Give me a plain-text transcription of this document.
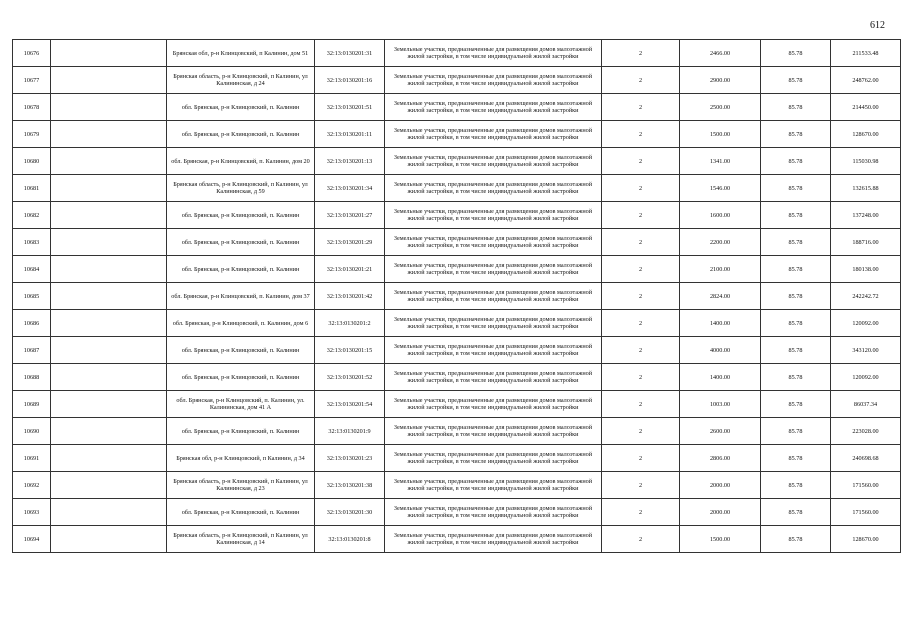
612
10676		Брянская обл, р-н Клинцовский, п Калинин, дом 51	32:13:0130201:31	Земельные участки, предназначенные для размещения домов малоэтажной жилой застройки, в том числе индивидуальной жилой застройки	2	2466.00	85.78	211533.48
10677		Брянская область, р-н Клинцовский, п Калинин, ул Калининская, д 24	32:13:0130201:16	Земельные участки, предназначенные для размещения домов малоэтажной жилой застройки, в том числе индивидуальной жилой застройки	2	2900.00	85.78	248762.00
10678		обл. Брянская, р-н Клинцовский, п. Калинин	32:13:0130201:51	Земельные участки, предназначенные для размещения домов малоэтажной жилой застройки, в том числе индивидуальной жилой застройки	2	2500.00	85.78	214450.00
10679		обл. Брянская, р-н Клинцовский, п. Калинин	32:13:0130201:11	Земельные участки, предназначенные для размещения домов малоэтажной жилой застройки, в том числе индивидуальной жилой застройки	2	1500.00	85.78	128670.00
10680		обл. Брянская, р-н Клинцовский, п. Калинин, дом 20	32:13:0130201:13	Земельные участки, предназначенные для размещения домов малоэтажной жилой застройки, в том числе индивидуальной жилой застройки	2	1341.00	85.78	115030.98
10681		Брянская область, р-н Клинцовский, п Калинин, ул Калининская, д 59	32:13:0130201:34	Земельные участки, предназначенные для размещения домов малоэтажной жилой застройки, в том числе индивидуальной жилой застройки	2	1546.00	85.78	132615.88
10682		обл. Брянская, р-н Клинцовский, п. Калинин	32:13:0130201:27	Земельные участки, предназначенные для размещения домов малоэтажной жилой застройки, в том числе индивидуальной жилой застройки	2	1600.00	85.78	137248.00
10683		обл. Брянская, р-н Клинцовский, п. Калинин	32:13:0130201:29	Земельные участки, предназначенные для размещения домов малоэтажной жилой застройки, в том числе индивидуальной жилой застройки	2	2200.00	85.78	188716.00
10684		обл. Брянская, р-н Клинцовский, п. Калинин	32:13:0130201:21	Земельные участки, предназначенные для размещения домов малоэтажной жилой застройки, в том числе индивидуальной жилой застройки	2	2100.00	85.78	180138.00
10685		обл. Брянская, р-н Клинцовский, п. Калинин, дом 37	32:13:0130201:42	Земельные участки, предназначенные для размещения домов малоэтажной жилой застройки, в том числе индивидуальной жилой застройки	2	2824.00	85.78	242242.72
10686		обл. Брянская, р-н Клинцовский, п. Калинин, дом 6	32:13:0130201:2	Земельные участки, предназначенные для размещения домов малоэтажной жилой застройки, в том числе индивидуальной жилой застройки	2	1400.00	85.78	120092.00
10687		обл. Брянская, р-н Клинцовский, п. Калинин	32:13:0130201:15	Земельные участки, предназначенные для размещения домов малоэтажной жилой застройки, в том числе индивидуальной жилой застройки	2	4000.00	85.78	343120.00
10688		обл. Брянская, р-н Клинцовский, п. Калинин	32:13:0130201:52	Земельные участки, предназначенные для размещения домов малоэтажной жилой застройки, в том числе индивидуальной жилой застройки	2	1400.00	85.78	120092.00
10689		обл. Брянская, р-н Клинцовский, п. Калинин, ул. Калининская, дом 41 А	32:13:0130201:54	Земельные участки, предназначенные для размещения домов малоэтажной жилой застройки, в том числе индивидуальной жилой застройки	2	1003.00	85.78	86037.34
10690		обл. Брянская, р-н Клинцовский, п. Калинин	32:13:0130201:9	Земельные участки, предназначенные для размещения домов малоэтажной жилой застройки, в том числе индивидуальной жилой застройки	2	2600.00	85.78	223028.00
10691		Брянская обл, р-н Клинцовский, п Калинин, д 34	32:13:0130201:23	Земельные участки, предназначенные для размещения домов малоэтажной жилой застройки, в том числе индивидуальной жилой застройки	2	2806.00	85.78	240698.68
10692		Брянская область, р-н Клинцовский, п Калинин, ул Калининская, д 23	32:13:0130201:38	Земельные участки, предназначенные для размещения домов малоэтажной жилой застройки, в том числе индивидуальной жилой застройки	2	2000.00	85.78	171560.00
10693		обл. Брянская, р-н Клинцовский, п. Калинин	32:13:0130201:30	Земельные участки, предназначенные для размещения домов малоэтажной жилой застройки, в том числе индивидуальной жилой застройки	2	2000.00	85.78	171560.00
10694		Брянская область, р-н Клинцовский, п Калинин, ул Калининская, д 14	32:13:0130201:8	Земельные участки, предназначенные для размещения домов малоэтажной жилой застройки, в том числе индивидуальной жилой застройки	2	1500.00	85.78	128670.00
